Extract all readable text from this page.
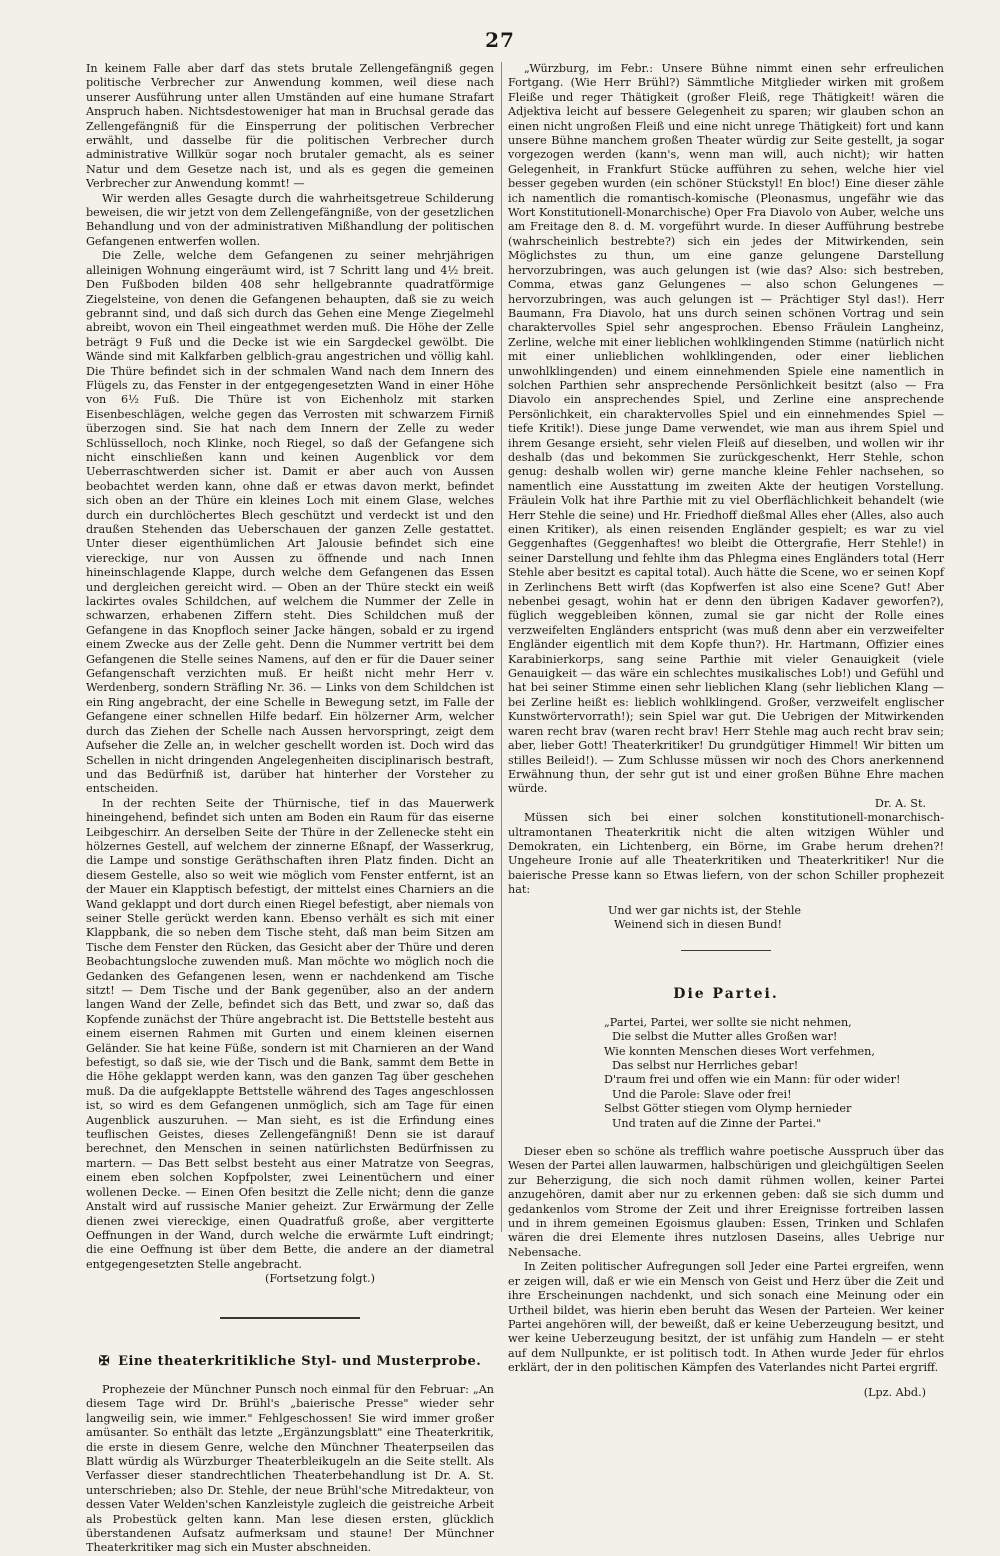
27

In keinem Falle aber darf das stets brutale Zellengefängniß gegen politische Verbrecher zur Anwendung kommen, weil diese nach unserer Ausführung unter allen Umständen auf eine humane Strafart Anspruch haben. Nichtsdestoweniger hat man in Bruchsal gerade das Zellengefängniß für die Einsperrung der politischen Verbrecher erwählt, und dasselbe für die politischen Verbrecher durch administrative Willkür sogar noch brutaler gemacht, als es seiner Natur und dem Gesetze nach ist, und als es gegen die gemeinen Verbrecher zur Anwendung kommt! —

Wir werden alles Gesagte durch die wahrheitsgetreue Schilderung beweisen, die wir jetzt von dem Zellengefängniße, von der gesetzlichen Behandlung und von der administrativen Mißhandlung der politischen Gefangenen entwerfen wollen.

Die Zelle, welche dem Gefangenen zu seiner mehrjährigen alleinigen Wohnung eingeräumt wird, ist 7 Schritt lang und 4½ breit. Den Fußboden bilden 408 sehr hellgebrannte quadratförmige Ziegelsteine, von denen die Gefangenen behaupten, daß sie zu weich gebrannt sind, und daß sich durch das Gehen eine Menge Ziegelmehl abreibt, wovon ein Theil eingeathmet werden muß. Die Höhe der Zelle beträgt 9 Fuß und die Decke ist wie ein Sargdeckel gewölbt. Die Wände sind mit Kalkfarben gelblich-grau angestrichen und völlig kahl. Die Thüre befindet sich in der schmalen Wand nach dem Innern des Flügels zu, das Fenster in der entgegengesetzten Wand in einer Höhe von 6½ Fuß. Die Thüre ist von Eichenholz mit starken Eisenbeschlägen, welche gegen das Verrosten mit schwarzem Firniß überzogen sind. Sie hat nach dem Innern der Zelle zu weder Schlüsselloch, noch Klinke, noch Riegel, so daß der Gefangene sich nicht einschließen kann und keinen Augenblick vor dem Ueberraschtwerden sicher ist. Damit er aber auch von Aussen beobachtet werden kann, ohne daß er etwas davon merkt, befindet sich oben an der Thüre ein kleines Loch mit einem Glase, welches durch ein durchlöchertes Blech geschützt und verdeckt ist und den draußen Stehenden das Ueberschauen der ganzen Zelle gestattet. Unter dieser eigenthümlichen Art Jalousie befindet sich eine viereckige, nur von Aussen zu öffnende und nach Innen hineinschlagende Klappe, durch welche dem Gefangenen das Essen und dergleichen gereicht wird. — Oben an der Thüre steckt ein weiß lackirtes ovales Schildchen, auf welchem die Nummer der Zelle in schwarzen, erhabenen Ziffern steht. Dies Schildchen muß der Gefangene in das Knopfloch seiner Jacke hängen, sobald er zu irgend einem Zwecke aus der Zelle geht. Denn die Nummer vertritt bei dem Gefangenen die Stelle seines Namens, auf den er für die Dauer seiner Gefangenschaft verzichten muß. Er heißt nicht mehr Herr v. Werdenberg, sondern Sträfling Nr. 36. — Links von dem Schildchen ist ein Ring angebracht, der eine Schelle in Bewegung setzt, im Falle der Gefangene einer schnellen Hilfe bedarf. Ein hölzerner Arm, welcher durch das Ziehen der Schelle nach Aussen hervorspringt, zeigt dem Aufseher die Zelle an, in welcher geschellt worden ist. Doch wird das Schellen in nicht dringenden Angelegenheiten disciplinarisch bestraft, und das Bedürfniß ist, darüber hat hinterher der Vorsteher zu entscheiden.

In der rechten Seite der Thürnische, tief in das Mauerwerk hineingehend, befindet sich unten am Boden ein Raum für das eiserne Leibgeschirr. An derselben Seite der Thüre in der Zellenecke steht ein hölzernes Gestell, auf welchem der zinnerne Eßnapf, der Wasserkrug, die Lampe und sonstige Geräthschaften ihren Platz finden. Dicht an diesem Gestelle, also so weit wie möglich vom Fenster entfernt, ist an der Mauer ein Klapptisch befestigt, der mittelst eines Charniers an die Wand geklappt und dort durch einen Riegel befestigt, aber niemals von seiner Stelle gerückt werden kann. Ebenso verhält es sich mit einer Klappbank, die so neben dem Tische steht, daß man beim Sitzen am Tische dem Fenster den Rücken, das Gesicht aber der Thüre und deren Beobachtungsloche zuwenden muß. Man möchte wo möglich noch die Gedanken des Gefangenen lesen, wenn er nachdenkend am Tische sitzt! — Dem Tische und der Bank gegenüber, also an der andern langen Wand der Zelle, befindet sich das Bett, und zwar so, daß das Kopfende zunächst der Thüre angebracht ist. Die Bettstelle besteht aus einem eisernen Rahmen mit Gurten und einem kleinen eisernen Geländer. Sie hat keine Füße, sondern ist mit Charnieren an der Wand befestigt, so daß sie, wie der Tisch und die Bank, sammt dem Bette in die Höhe geklappt werden kann, was den ganzen Tag über geschehen muß. Da die aufgeklappte Bettstelle während des Tages angeschlossen ist, so wird es dem Gefangenen unmöglich, sich am Tage für einen Augenblick auszuruhen. — Man sieht, es ist die Erfindung eines teuflischen Geistes, dieses Zellengefängniß! Denn sie ist darauf berechnet, den Menschen in seinen natürlichsten Bedürfnissen zu martern. — Das Bett selbst besteht aus einer Matratze von Seegras, einem eben solchen Kopfpolster, zwei Leinentüchern und einer wollenen Decke. — Einen Ofen besitzt die Zelle nicht; denn die ganze Anstalt wird auf russische Manier geheizt. Zur Erwärmung der Zelle dienen zwei viereckige, einen Quadratfuß große, aber vergitterte Oeffnungen in der Wand, durch welche die erwärmte Luft eindringt; die eine Oeffnung ist über dem Bette, die andere an der diametral entgegengesetzten Stelle angebracht.

(Fortsetzung folgt.)

✠ Eine theaterkritikliche Styl- und Musterprobe.

Prophezeie der Münchner Punsch noch einmal für den Februar: „An diesem Tage wird Dr. Brühl's „baierische Presse" wieder sehr langweilig sein, wie immer." Fehlgeschossen! Sie wird immer großer amüsanter. So enthält das letzte „Ergänzungsblatt" eine Theaterkritik, die erste in diesem Genre, welche den Münchner Theaterpseilen das Blatt würdig als Würzburger Theaterbleikugeln an die Seite stellt. Als Verfasser dieser standrechtlichen Theaterbehandlung ist Dr. A. St. unterschrieben; also Dr. Stehle, der neue Brühl'sche Mitredakteur, von dessen Vater Welden'schen Kanzleistyle zugleich die geistreiche Arbeit als Probestück gelten kann. Man lese diesen ersten, glücklich überstandenen Aufsatz aufmerksam und staune! Der Münchner Theaterkritiker mag sich ein Muster abschneiden.

„Würzburg, im Febr.: Unsere Bühne nimmt einen sehr erfreulichen Fortgang. (Wie Herr Brühl?) Sämmtliche Mitglieder wirken mit großem Fleiße und reger Thätigkeit (großer Fleiß, rege Thätigkeit! wären die Adjektiva leicht auf bessere Gelegenheit zu sparen; wir glauben schon an einen nicht ungroßen Fleiß und eine nicht unrege Thätigkeit) fort und kann unsere Bühne manchem großen Theater würdig zur Seite gestellt, ja sogar vorgezogen werden (kann's, wenn man will, auch nicht); wir hatten Gelegenheit, in Frankfurt Stücke aufführen zu sehen, welche hier viel besser gegeben wurden (ein schöner Stückstyl! En bloc!) Eine dieser zähle ich namentlich die romantisch-komische (Pleonasmus, ungefähr wie das Wort Konstitutionell-Monarchische) Oper Fra Diavolo von Auber, welche uns am Freitage den 8. d. M. vorgeführt wurde. In dieser Aufführung bestrebe (wahrscheinlich bestrebte?) sich ein jedes der Mitwirkenden, sein Möglichstes zu thun, um eine ganze gelungene Darstellung hervorzubringen, was auch gelungen ist (wie das? Also: sich bestreben, Comma, etwas ganz Gelungenes — also schon Gelungenes — hervorzubringen, was auch gelungen ist — Prächtiger Styl das!). Herr Baumann, Fra Diavolo, hat uns durch seinen schönen Vortrag und sein charaktervolles Spiel sehr angesprochen. Ebenso Fräulein Langheinz, Zerline, welche mit einer lieblichen wohlklingenden Stimme (natürlich nicht mit einer unlieblichen wohlklingenden, oder einer lieblichen unwohlklingenden) und einem einnehmenden Spiele eine namentlich in solchen Parthien sehr ansprechende Persönlichkeit besitzt (also — Fra Diavolo ein ansprechendes Spiel, und Zerline eine ansprechende Persönlichkeit, ein charaktervolles Spiel und ein einnehmendes Spiel — tiefe Kritik!). Diese junge Dame verwendet, wie man aus ihrem Spiel und ihrem Gesange ersieht, sehr vielen Fleiß auf dieselben, und wollen wir ihr deshalb (das und bekommen Sie zurückgeschenkt, Herr Stehle, schon genug: deshalb wollen wir) gerne manche kleine Fehler nachsehen, so namentlich eine Ausstattung im zweiten Akte der heutigen Vorstellung. Fräulein Volk hat ihre Parthie mit zu viel Oberflächlichkeit behandelt (wie Herr Stehle die seine) und Hr. Friedhoff dießmal Alles eher (Alles, also auch einen Kritiker), als einen reisenden Engländer gespielt; es war zu viel Geggenhaftes (Geggenhaftes! wo bleibt die Ottergrafie, Herr Stehle!) in seiner Darstellung und fehlte ihm das Phlegma eines Engländers total (Herr Stehle aber besitzt es capital total). Auch hätte die Scene, wo er seinen Kopf in Zerlinchens Bett wirft (das Kopfwerfen ist also eine Scene? Gut! Aber nebenbei gesagt, wohin hat er denn den übrigen Kadaver geworfen?), füglich weggebleiben können, zumal sie gar nicht der Rolle eines verzweifelten Engländers entspricht (was muß denn aber ein verzweifelter Engländer eigentlich mit dem Kopfe thun?). Hr. Hartmann, Offizier eines Karabinierkorps, sang seine Parthie mit vieler Genauigkeit (viele Genauigkeit — das wäre ein schlechtes musikalisches Lob!) und Gefühl und hat bei seiner Stimme einen sehr lieblichen Klang (sehr lieblichen Klang — bei Zerline heißt es: lieblich wohlklingend. Großer, verzweifelt englischer Kunstwörtervorrath!); sein Spiel war gut. Die Uebrigen der Mitwirkenden waren recht brav (waren recht brav! Herr Stehle mag auch recht brav sein; aber, lieber Gott! Theaterkritiker! Du grundgütiger Himmel! Wir bitten um stilles Beileid!). — Zum Schlusse müssen wir noch des Chors anerkennend Erwähnung thun, der sehr gut ist und einer großen Bühne Ehre machen würde.

Dr. A. St.

Müssen sich bei einer solchen konstitutionell-monarchisch-ultramontanen Theaterkritik nicht die alten witzigen Wühler und Demokraten, ein Lichtenberg, ein Börne, im Grabe herum drehen?! Ungeheure Ironie auf alle Theaterkritiken und Theaterkritiker! Nur die baierische Presse kann so Etwas liefern, von der schon Schiller prophezeit hat:

Und wer gar nichts ist, der Stehle
Weinend sich in diesen Bund!
Die Partei.
„Partei, Partei, wer sollte sie nicht nehmen,
Die selbst die Mutter alles Großen war!
Wie konnten Menschen dieses Wort verfehmen,
Das selbst nur Herrliches gebar!
D'raum frei und offen wie ein Mann: für oder wider!
Und die Parole: Slave oder frei!
Selbst Götter stiegen vom Olymp hernieder
Und traten auf die Zinne der Partei."

Dieser eben so schöne als trefflich wahre poetische Ausspruch über das Wesen der Partei allen lauwarmen, halbschürigen und gleichgültigen Seelen zur Beherzigung, die sich noch damit rühmen wollen, keiner Partei anzugehören, damit aber nur zu erkennen geben: daß sie sich dumm und gedankenlos vom Strome der Zeit und ihrer Ereignisse fortreiben lassen und in ihrem gemeinen Egoismus glauben: Essen, Trinken und Schlafen wären die drei Elemente ihres nutzlosen Daseins, alles Uebrige nur Nebensache.

In Zeiten politischer Aufregungen soll Jeder eine Partei ergreifen, wenn er zeigen will, daß er wie ein Mensch von Geist und Herz über die Zeit und ihre Erscheinungen nachdenkt, und sich sonach eine Meinung oder ein Urtheil bildet, was hierin eben beruht das Wesen der Parteien. Wer keiner Partei angehören will, der beweißt, daß er keine Ueberzeugung besitzt, und wer keine Ueberzeugung besitzt, der ist unfähig zum Handeln — er steht auf dem Nullpunkte, er ist politisch todt. In Athen wurde Jeder für ehrlos erklärt, der in den politischen Kämpfen des Vaterlandes nicht Partei ergriff.

(Lpz. Abd.)
